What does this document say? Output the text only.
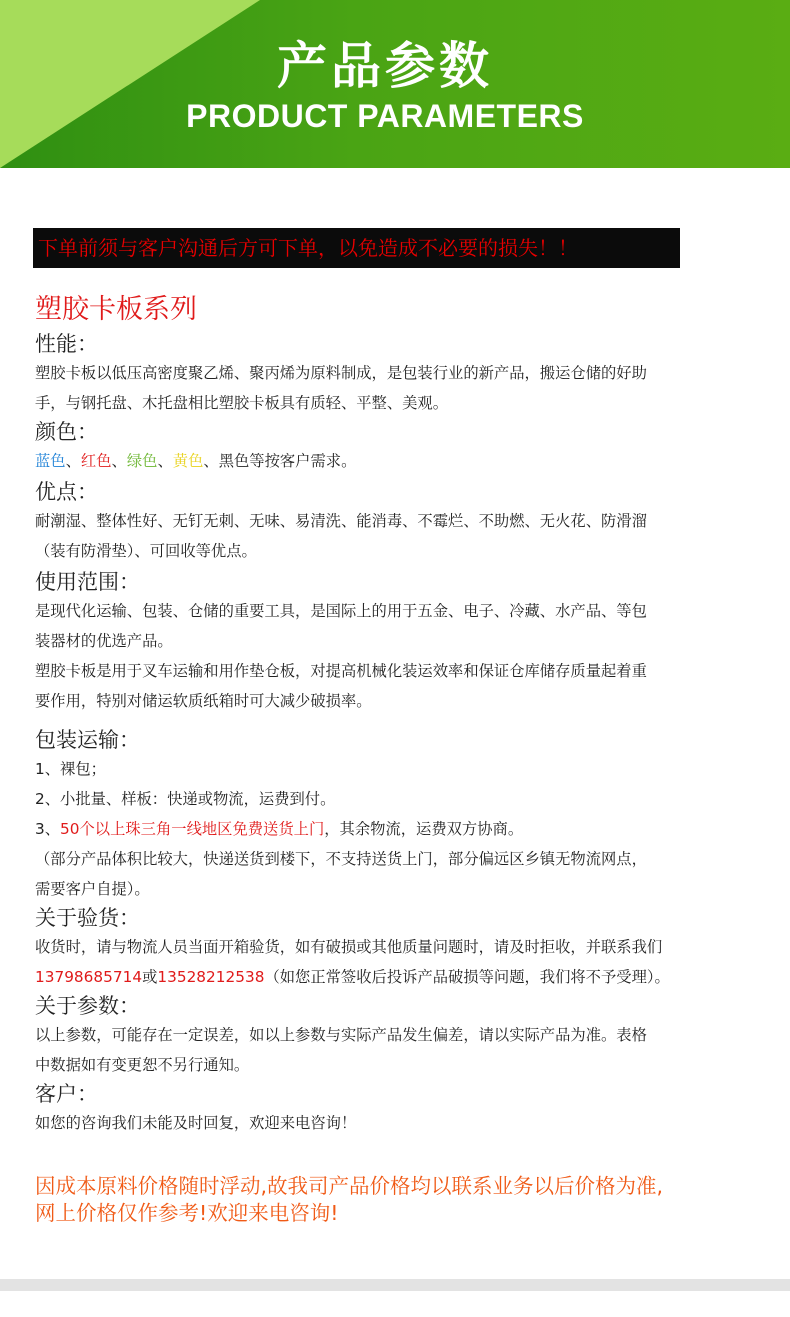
产品参数
PRODUCT PARAMETERS
下单前须与客户沟通后方可下单，以免造成不必要的损失！！

塑胶卡板系列

性能：

塑胶卡板以低压高密度聚乙烯、聚丙烯为原料制成，是包装行业的新产品，搬运仓储的好助

手，与钢托盘、木托盘相比塑胶卡板具有质轻、平整、美观。

颜色：

蓝色、红色、绿色、黄色、黑色等按客户需求。

优点：

耐潮湿、整体性好、无钉无刺、无味、易清洗、能消毒、不霉烂、不助燃、无火花、防滑溜

（装有防滑垫）、可回收等优点。

使用范围：

是现代化运输、包装、仓储的重要工具，是国际上的用于五金、电子、冷藏、水产品、等包

装器材的优选产品。

塑胶卡板是用于叉车运输和用作垫仓板，对提高机械化装运效率和保证仓库储存质量起着重

要作用，特别对储运软质纸箱时可大减少破损率。

包装运输：

1、裸包；

2、小批量、样板：快递或物流，运费到付。

3、50个以上珠三角一线地区免费送货上门，其余物流，运费双方协商。

（部分产品体积比较大，快递送货到楼下，不支持送货上门，部分偏远区乡镇无物流网点，

需要客户自提）。

关于验货：

收货时，请与物流人员当面开箱验货，如有破损或其他质量问题时，请及时拒收，并联系我们

13798685714或13528212538（如您正常签收后投诉产品破损等问题，我们将不予受理）。

关于参数：

以上参数，可能存在一定误差，如以上参数与实际产品发生偏差，请以实际产品为准。表格

中数据如有变更恕不另行通知。

客户：

如您的咨询我们未能及时回复，欢迎来电咨询！

因成本原料价格随时浮动,故我司产品价格均以联系业务以后价格为准,
网上价格仅作参考!欢迎来电咨询!
